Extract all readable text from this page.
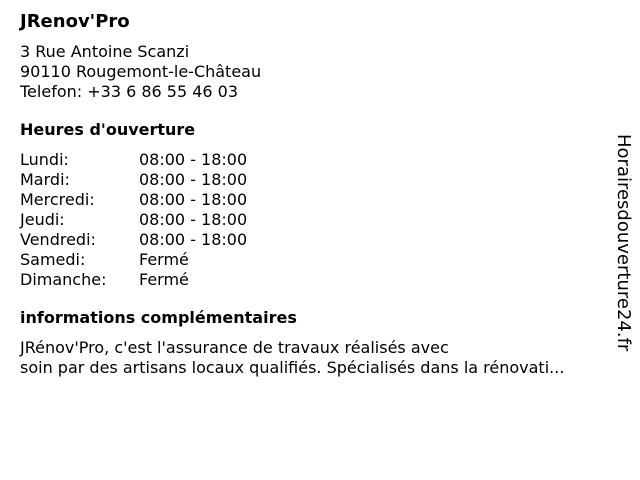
JRenov'Pro
3 Rue Antoine Scanzi
90110 Rougemont-le-Château
Telefon: +33 6 86 55 46 03
Heures d'ouverture
Lundi:	08:00 - 18:00
Mardi:	08:00 - 18:00
Mercredi:	08:00 - 18:00
Jeudi:	08:00 - 18:00
Vendredi:	08:00 - 18:00
Samedi:	Fermé
Dimanche: Fermé
informations complémentaires
JRénov'Pro, c'est l'assurance de travaux réalisés avec
soin par des artisans locaux qualifiés. Spécialisés dans la rénovati...
Horairesdouverture24.fr
